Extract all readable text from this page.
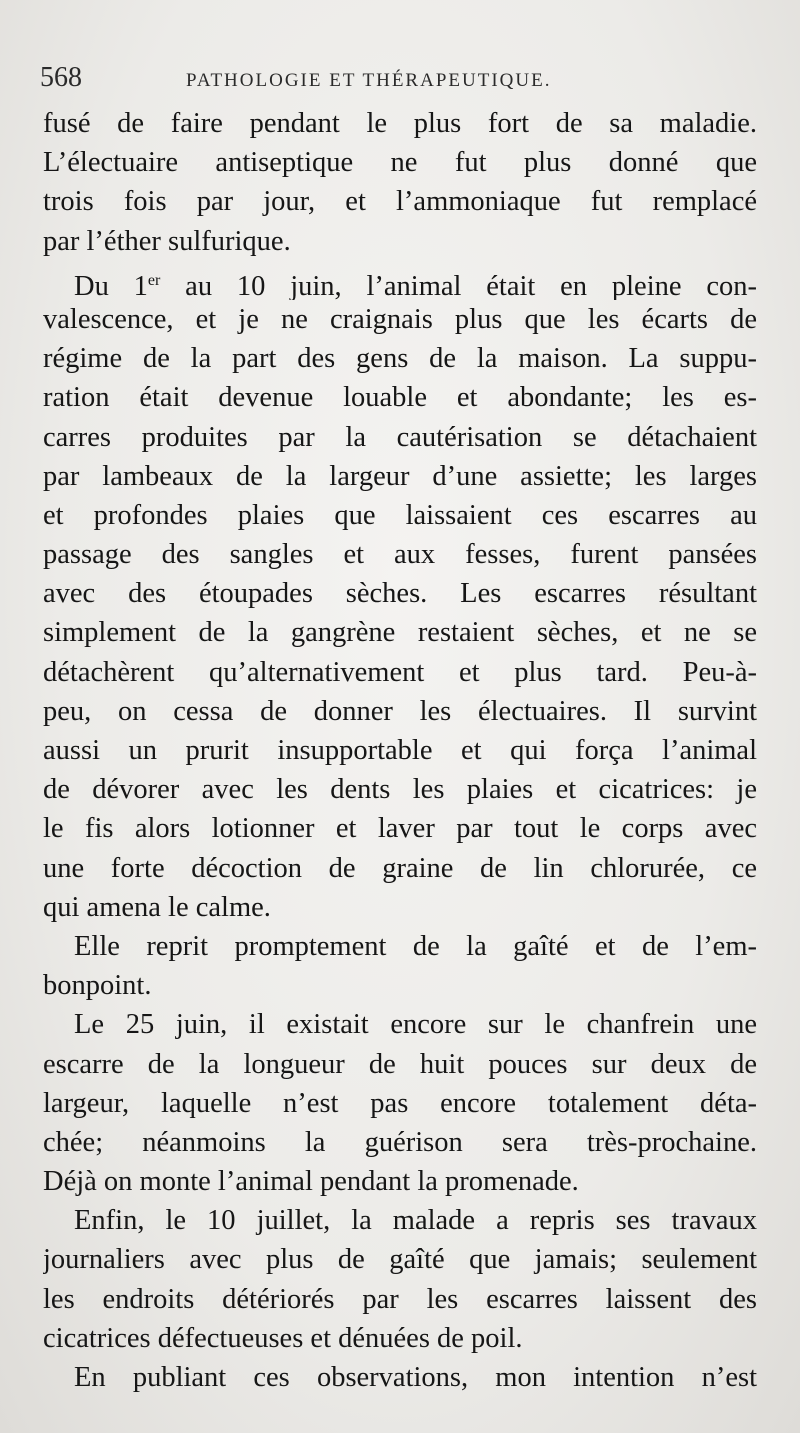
568	PATHOLOGIE ET THÉRAPEUTIQUE.
fusé de faire pendant le plus fort de sa maladie.
L’électuaire antiseptique ne fut plus donné que
trois fois par jour, et l’ammoniaque fut remplacé
par l’éther sulfurique.
Du 1er au 10 juin, l’animal était en pleine con-
valescence, et je ne craignais plus que les écarts de
régime de la part des gens de la maison. La suppu-
ration était devenue louable et abondante; les es-
carres produites par la cautérisation se détachaient
par lambeaux de la largeur d’une assiette; les larges
et profondes plaies que laissaient ces escarres au
passage des sangles et aux fesses, furent pansées
avec des étoupades sèches. Les escarres résultant
simplement de la gangrène restaient sèches, et ne se
détachèrent qu’alternativement et plus tard. Peu-à-
peu, on cessa de donner les électuaires. Il survint
aussi un prurit insupportable et qui força l’animal
de dévorer avec les dents les plaies et cicatrices: je
le fis alors lotionner et laver par tout le corps avec
une forte décoction de graine de lin chlorurée, ce
qui amena le calme.
Elle reprit promptement de la gaîté et de l’em-
bonpoint.
Le 25 juin, il existait encore sur le chanfrein une
escarre de la longueur de huit pouces sur deux de
largeur, laquelle n’est pas encore totalement déta-
chée; néanmoins la guérison sera très-prochaine.
Déjà on monte l’animal pendant la promenade.
Enfin, le 10 juillet, la malade a repris ses travaux
journaliers avec plus de gaîté que jamais; seulement
les endroits détériorés par les escarres laissent des
cicatrices défectueuses et dénuées de poil.
En publiant ces observations, mon intention n’est
